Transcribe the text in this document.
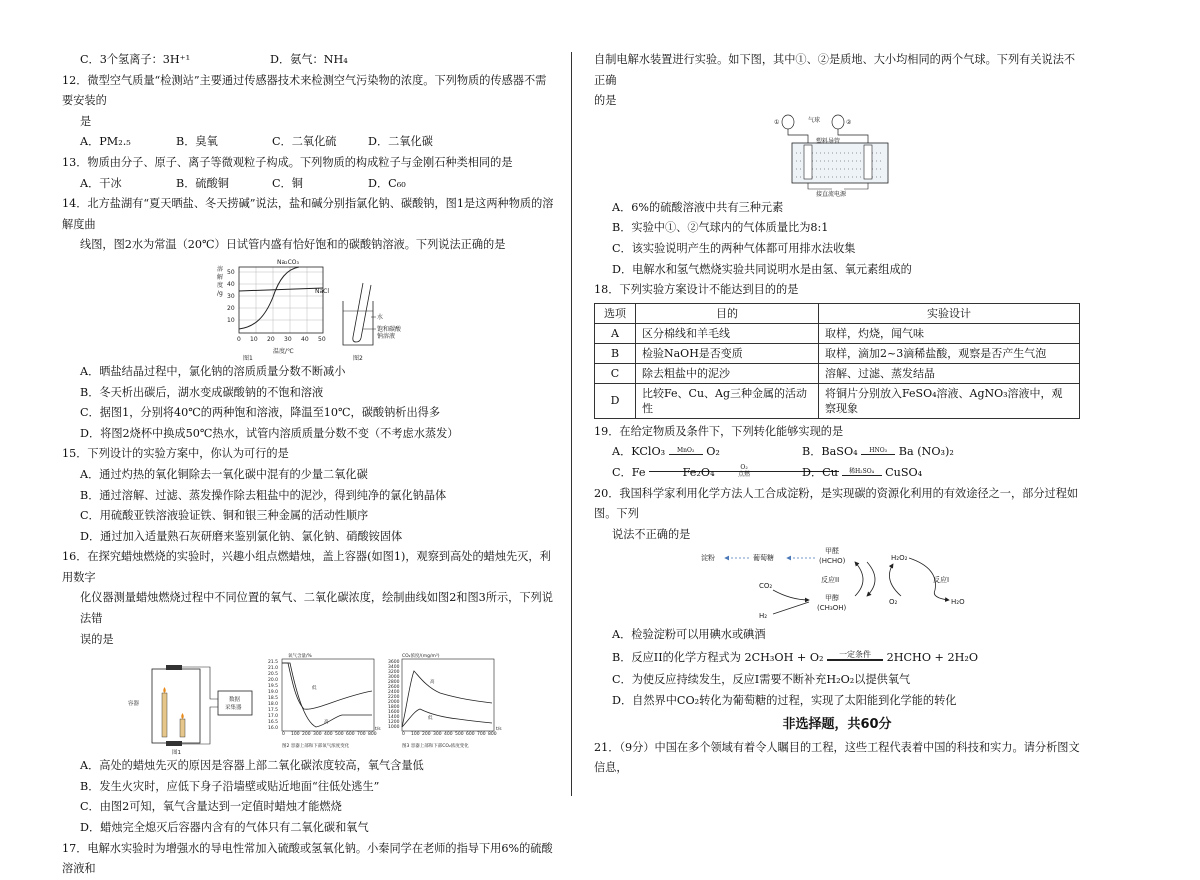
C．3个氢离子：3H⁺¹	D．氨气：NH₄

12．微型空气质量“检测站”主要通过传感器技术来检测空气污染物的浓度。下列物质的传感器不需要安装的

是

A．PM₂.₅	B．臭氧	C．二氧化硫	D．二氧化碳

13．物质由分子、原子、离子等微观粒子构成。下列物质的构成粒子与金刚石种类相同的是

A．干冰	B．硫酸铜	C．铜	D．C₆₀

14．北方盐湖有“夏天晒盐、冬天捞碱”说法，盐和碱分别指氯化钠、碳酸钠，图1是这两种物质的溶解度曲

线图，图2水为常温（20℃）日试管内盛有恰好饱和的碳酸钠溶液。下列说法正确的是

溶
解
度
/g
50
40
30
20
10
0 10 20 30 40 50
温度/℃
Na₂CO₃
NaCl
图1
水
饱和碳酸
钠溶液
图2

A．晒盐结晶过程中，氯化钠的溶质质量分数不断减小

B．冬天析出碳后，湖水变成碳酸钠的不饱和溶液

C．据图1，分别将40℃的两种饱和溶液，降温至10℃，碳酸钠析出得多

D．将图2烧杯中换成50℃热水，试管内溶质质量分数不变（不考虑水蒸发）

15．下列设计的实验方案中，你认为可行的是

A．通过灼热的氧化铜除去一氧化碳中混有的少量二氧化碳

B．通过溶解、过滤、蒸发操作除去粗盐中的泥沙，得到纯净的氯化钠晶体

C．用硫酸亚铁溶液验证铁、铜和银三种金属的活动性顺序

D．通过加入适量熟石灰研磨来鉴别氯化钠、氯化钠、硝酸铵固体

16．在探究蜡烛燃烧的实验时，兴趣小组点燃蜡烛，盖上容器(如图1)，观察到高处的蜡烛先灭，利用数字

化仪器测量蜡烛燃烧过程中不同位置的氧气、二氧化碳浓度，绘制曲线如图2和图3所示，下列说法错

误的是

容器
数据
采集器
图1
氧气含量/%
21.5
21.0
20.5
20.0
19.5
19.0
18.5
18.0
17.5
17.0
16.5
16.0
0 100 200 300 400 500 600 700 800
t/s
低
高
图2 容器上部和下部氧气浓度变化
CO₂浓度/(mg/m³)
3600
3400
3200
3000
2800
2600
2400
2200
2000
1800
1600
1400
1200
1000
0 100 200 300 400 500 600 700 800
t/s
高
低
图3 容器上部和下部CO₂浓度变化

A．高处的蜡烛先灭的原因是容器上部二氧化碳浓度较高，氧气含量低

B．发生火灾时，应低下身子沿墙壁或贴近地面“往低处逃生”

C．由图2可知，氧气含量达到一定值时蜡烛才能燃烧

D．蜡烛完全熄灭后容器内含有的气体只有二氧化碳和氧气

17．电解水实验时为增强水的导电性常加入硫酸或氢氧化钠。小秦同学在老师的指导下用6%的硫酸溶液和

自制电解水装置进行实验。如下图，其中①、②是质地、大小均相同的两个气球。下列有关说法不正确

的是

①	②
气球
塑料导管
接直流电源

A．6%的硫酸溶液中共有三种元素

B．实验中①、②气球内的气体质量比为8:1

C．该实验说明产生的两种气体都可用排水法收集

D．电解水和氢气燃烧实验共同说明水是由氢、氧元素组成的

18．下列实验方案设计不能达到目的的是

选项	目的	实验设计
A	区分棉线和羊毛线	取样，灼烧，闻气味
B	检验NaOH是否变质	取样，滴加2~3滴稀盐酸，观察是否产生气泡
C	除去粗盐中的泥沙	溶解、过滤、蒸发结晶
D	比较Fe、Cu、Ag三种金属的活动性	将铜片分别放入FeSO₄溶液、AgNO₃溶液中，观察现象

19．在给定物质及条件下，下列转化能够实现的是

A．KClO₃ MnO₂ O₂	B．BaSO₄ HNO₃ Ba (NO₃)₂
C．Fe	O₂
点燃
Fe₂O₄	D．Cu 稀H₂SO₄ CuSO₄

20．我国科学家利用化学方法人工合成淀粉，是实现碳的资源化利用的有效途径之一，部分过程如图。下列

说法不正确的是

淀粉	葡萄糖
甲醛
(HCHO)
反应II
H₂O₂
反应I
CO₂
H₂
甲醇
(CH₃OH)
O₂	H₂O

A．检验淀粉可以用碘水或碘酒

B．反应II的化学方程式为 2CH₃OH + O₂ 一定条件 2HCHO + 2H₂O

C．为使反应持续发生，反应I需要不断补充H₂O₂以提供氧气

D．自然界中CO₂转化为葡萄糖的过程，实现了太阳能到化学能的转化

非选择题，共60分

21．（9分）中国在多个领域有着令人瞩目的工程，这些工程代表着中国的科技和实力。请分析图文信息，
